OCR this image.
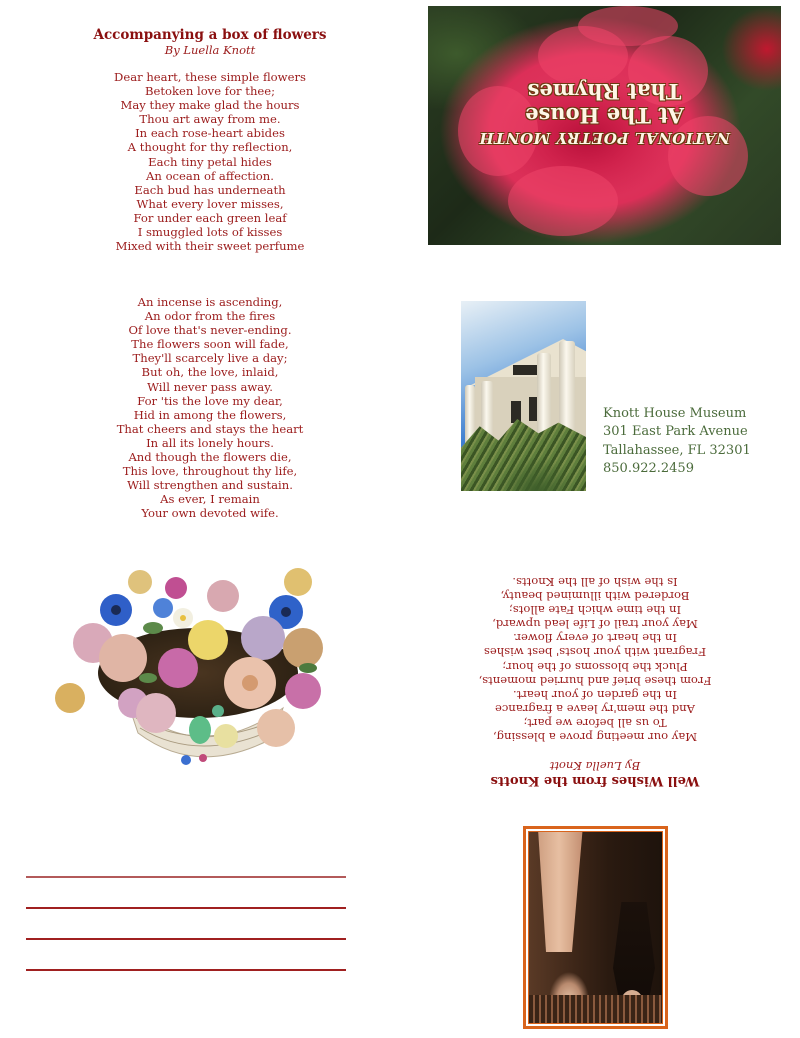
Accompanying a box of flowers
By Luella Knott
Dear heart, these simple flowers
Betoken love for thee;
May they make glad the hours
Thou art away from me.
In each rose-heart abides
A thought for thy reflection,
Each tiny petal hides
An ocean of affection.
Each bud has underneath
What every lover misses,
For under each green leaf
I smuggled lots of kisses
Mixed with their sweet perfume
An incense is ascending,
An odor from the fires
Of love that's never-ending.
The flowers soon will fade,
They'll scarcely live a day;
But oh, the love, inlaid,
Will never pass away.
For 'tis the love my dear,
Hid in among the flowers,
That cheers and stays the heart
In all its lonely hours.
And though the flowers die,
This love, throughout thy life,
Will strengthen and sustain.
As ever, I remain
Your own devoted wife.
NATIONAL POETRY MONTH
At The House
That Rhymes
Knott House Museum
301 East Park Avenue
Tallahassee, FL 32301
850.922.2459
Well Wishes from the Knotts
By Luella Knott
May our meeting prove a blessing,
To us all before we part;
And the mem'ry leave a fragrance
In the garden of your heart.
From these brief and hurried moments,
Pluck the blossoms of the hour;
Fragrant with your hosts' best wishes
In the heart of every flower.
May your trail of Life lead upward,
In the time which Fate allots;
Bordered with illumined beauty,
Is the wish of all the Knotts.
